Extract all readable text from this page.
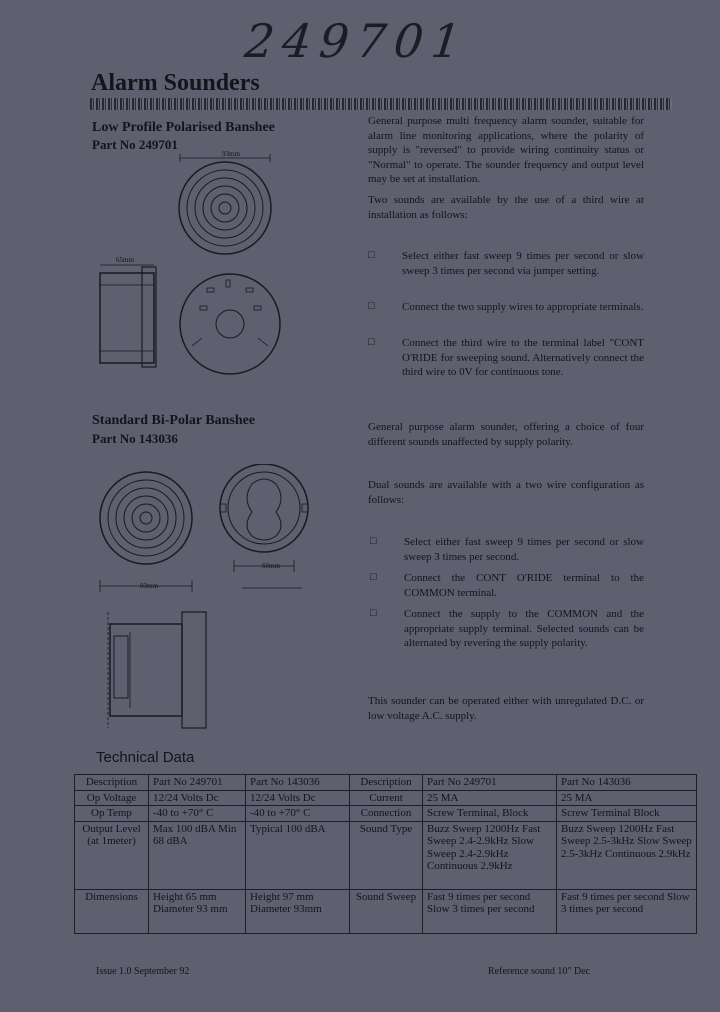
249701
Alarm Sounders
Low Profile Polarised Banshee
Part No 249701
93mm
65mm
General purpose multi frequency alarm sounder, suitable for alarm line monitoring applications, where the polarity of supply is "reversed" to provide wiring continuity status or "Normal" to operate. The sounder frequency and output level may be set at installation.
Two sounds are available by the use of a third wire at installation as follows:
□ Select either fast sweep 9 times per second or slow sweep 3 times per second via jumper setting.
□ Connect the two supply wires to appropriate terminals.
□ Connect the third wire to the terminal label "CONT O'RIDE for sweeping sound. Alternatively connect the third wire to 0V for continuous tone.
Standard Bi-Polar Banshee
Part No 143036
93mm
60mm
General purpose alarm sounder, offering a choice of four different sounds unaffected by supply polarity.
Dual sounds are available with a two wire configuration as follows:
□ Select either fast sweep 9 times per second or slow sweep 3 times per second.
□ Connect the CONT O'RIDE terminal to the COMMON terminal.
□ Connect the supply to the COMMON and the appropriate supply terminal. Selected sounds can be alternated by revering the supply polarity.
This sounder can be operated either with unregulated D.C. or low voltage A.C. supply.
Technical Data
Description	Part No 249701	Part No 143036	Description	Part No 249701	Part No 143036
Op Voltage	12/24 Volts Dc	12/24 Volts Dc	Current	25 MA	25 MA
Op Temp	-40 to +70° C	-40 to +70° C	Connection	Screw Terminal, Block	Screw Terminal Block
Output Level (at 1meter)	Max 100 dBA Min 68 dBA	Typical 100 dBA	Sound Type	Buzz Sweep 1200Hz Fast Sweep 2.4-2.9kHz Slow Sweep 2.4-2.9kHz Continuous 2.9kHz	Buzz Sweep 1200Hz Fast Sweep 2.5-3kHz Slow Sweep 2.5-3kHz Continuous 2.9kHz
Dimensions	Height 65 mm Diameter 93 mm	Height 97 mm Diameter 93mm	Sound Sweep	Fast 9 times per second Slow 3 times per second	Fast 9 times per second Slow 3 times per second
Issue 1.0 September 92	Reference sound 10" Dec
